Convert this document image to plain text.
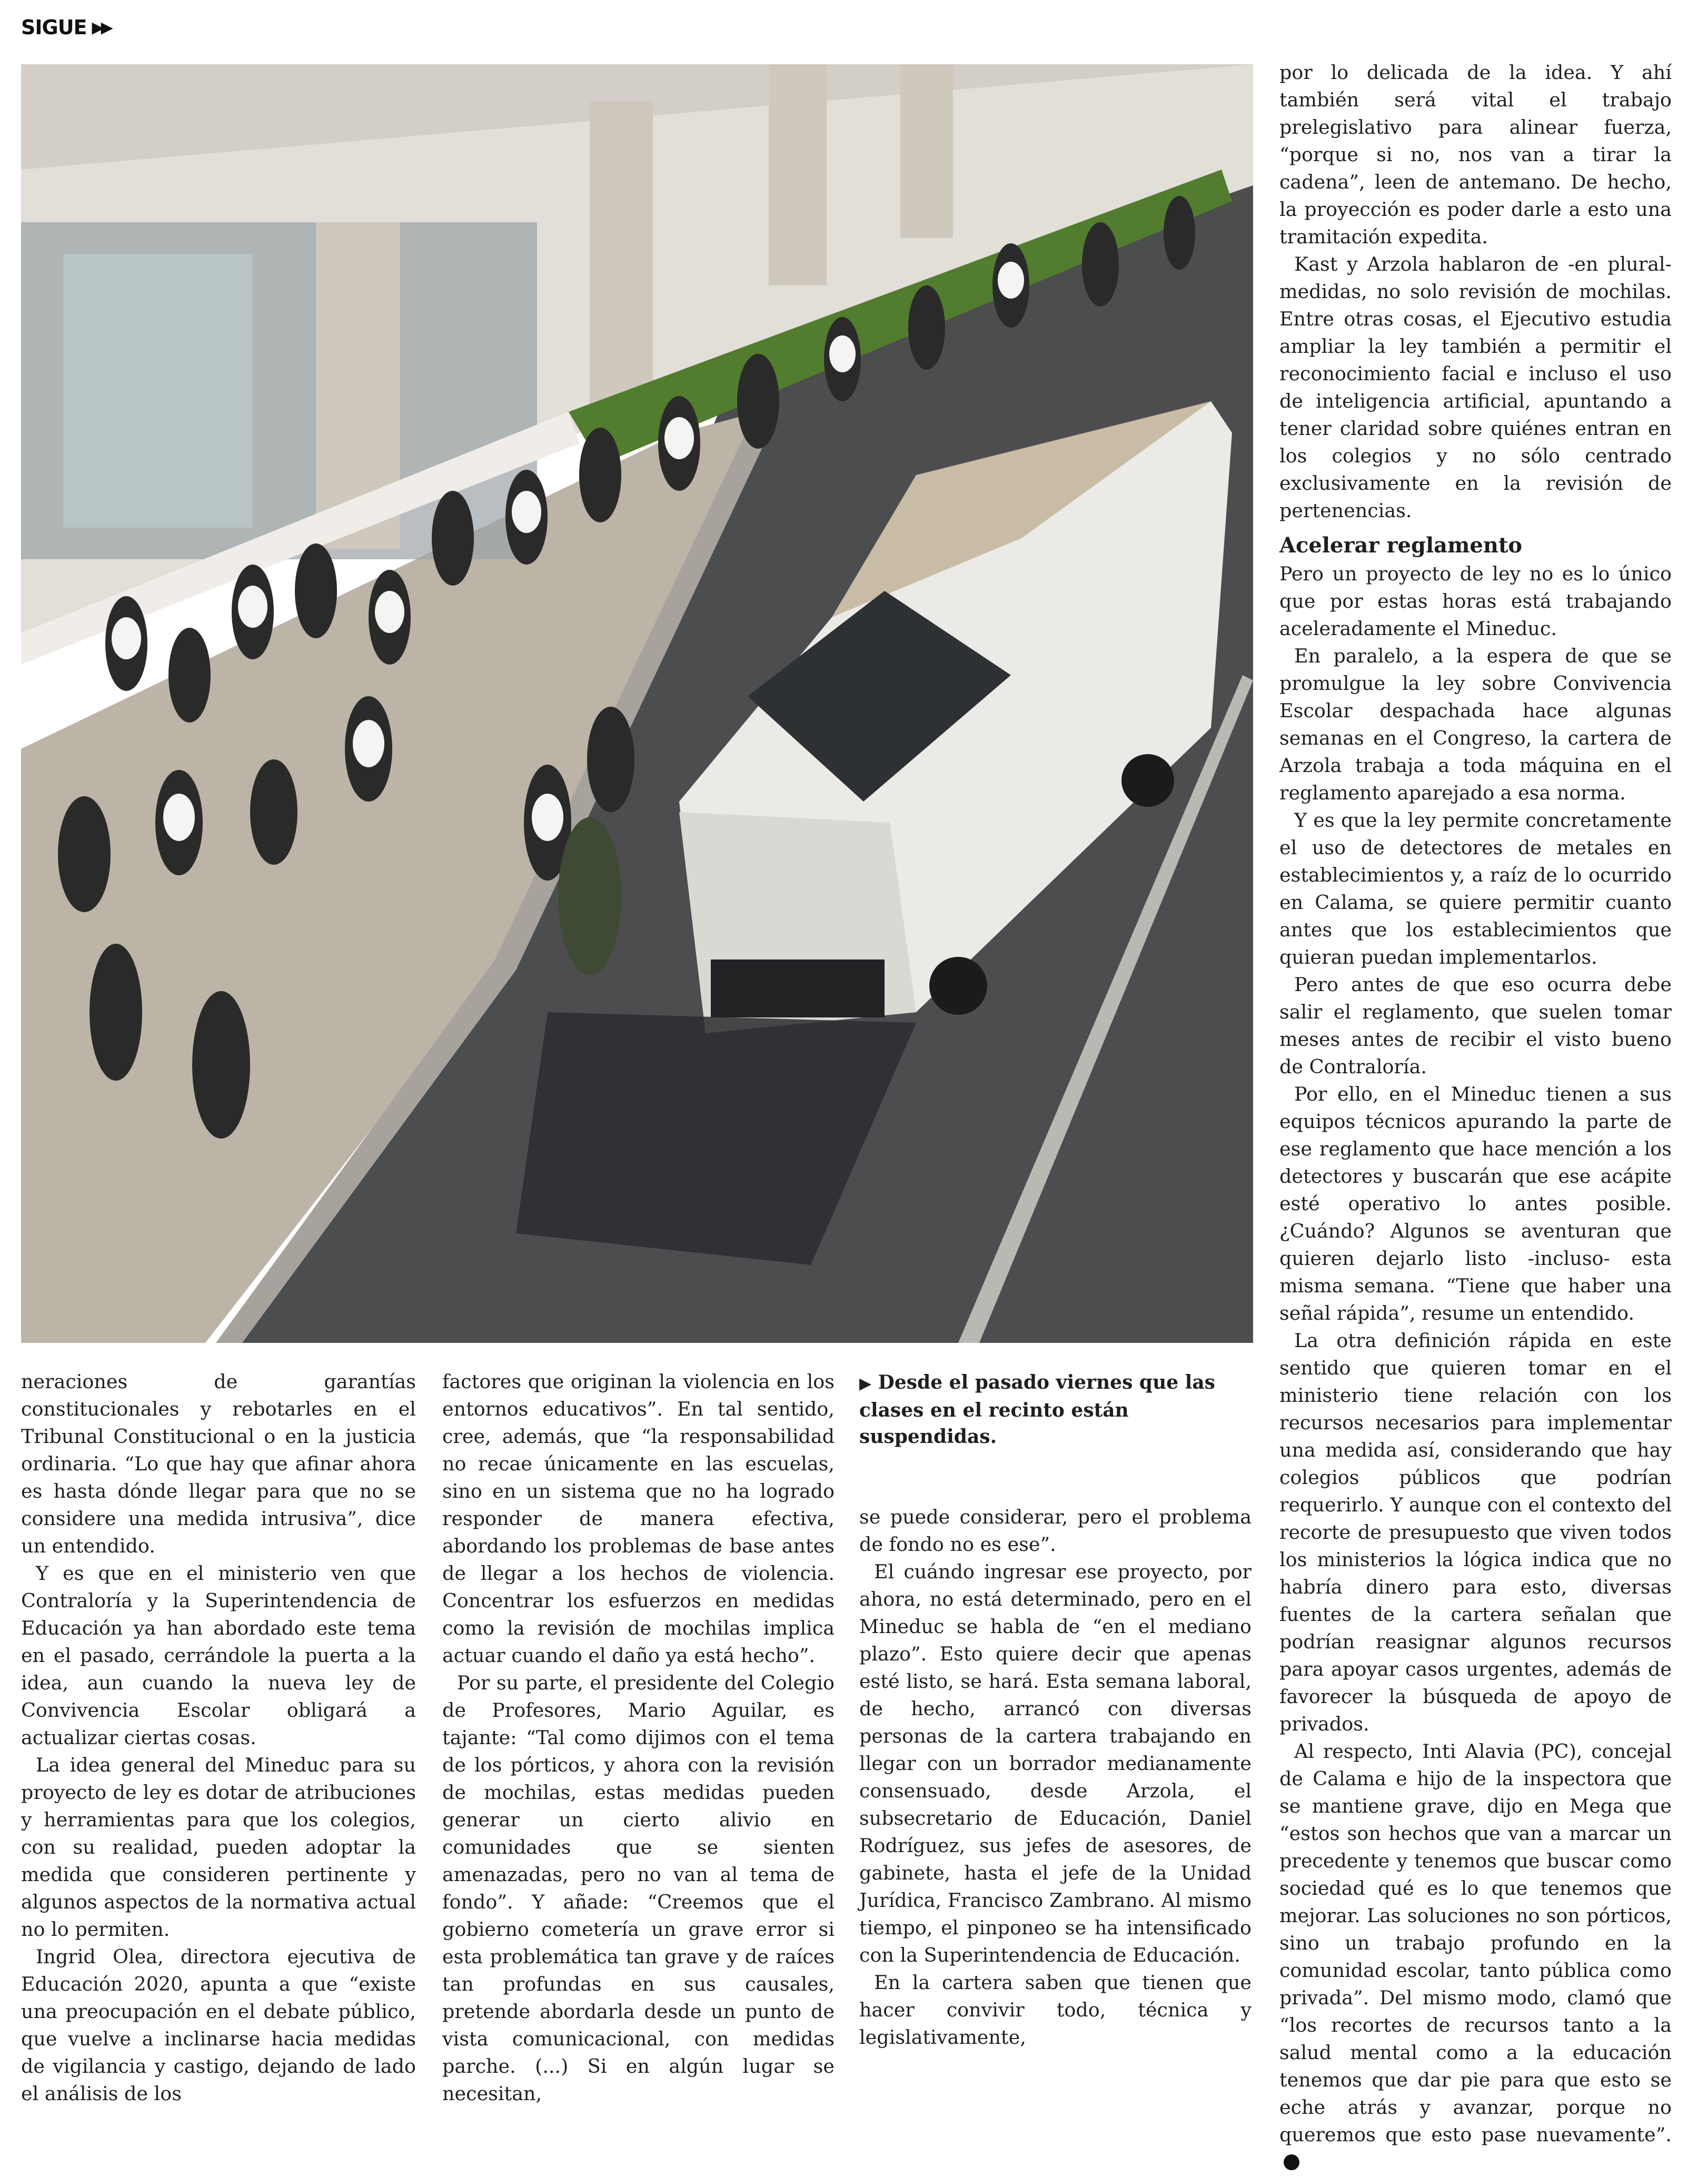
SIGUE ▶▶
▶ Desde el pasado viernes que las clases en el recinto están suspendidas.

neraciones de garantías constitucionales y rebotarles en el Tribunal Constitucional o en la justicia ordinaria. “Lo que hay que afinar ahora es hasta dónde llegar para que no se considere una medida intrusiva”, dice un entendido.

Y es que en el ministerio ven que Contraloría y la Superintendencia de Educación ya han abordado este tema en el pasado, cerrándole la puerta a la idea, aun cuando la nueva ley de Convivencia Escolar obligará a actualizar ciertas cosas.

La idea general del Mineduc para su proyecto de ley es dotar de atribuciones y herramientas para que los colegios, con su realidad, pueden adoptar la medida que consideren pertinente y algunos aspectos de la normativa actual no lo permiten.

Ingrid Olea, directora ejecutiva de Educación 2020, apunta a que “existe una preocupación en el debate público, que vuelve a inclinarse hacia medidas de vigilancia y castigo, dejando de lado el análisis de los

factores que originan la violencia en los entornos educativos”. En tal sentido, cree, además, que “la responsabilidad no recae únicamente en las escuelas, sino en un sistema que no ha logrado responder de manera efectiva, abordando los problemas de base antes de llegar a los hechos de violencia. Concentrar los esfuerzos en medidas como la revisión de mochilas implica actuar cuando el daño ya está hecho”.

Por su parte, el presidente del Colegio de Profesores, Mario Aguilar, es tajante: “Tal como dijimos con el tema de los pórticos, y ahora con la revisión de mochilas, estas medidas pueden generar un cierto alivio en comunidades que se sienten amenazadas, pero no van al tema de fondo”. Y añade: “Creemos que el gobierno cometería un grave error si esta problemática tan grave y de raíces tan profundas en sus causales, pretende abordarla desde un punto de vista comunicacional, con medidas parche. (...) Si en algún lugar se necesitan,

se puede considerar, pero el problema de fondo no es ese”.

El cuándo ingresar ese proyecto, por ahora, no está determinado, pero en el Mineduc se habla de “en el mediano plazo”. Esto quiere decir que apenas esté listo, se hará. Esta semana laboral, de hecho, arrancó con diversas personas de la cartera trabajando en llegar con un borrador medianamente consensuado, desde Arzola, el subsecretario de Educación, Daniel Rodríguez, sus jefes de asesores, de gabinete, hasta el jefe de la Unidad Jurídica, Francisco Zambrano. Al mismo tiempo, el pinponeo se ha intensificado con la Superintendencia de Educación.

En la cartera saben que tienen que hacer convivir todo, técnica y legislativamente,

por lo delicada de la idea. Y ahí también será vital el trabajo prelegislativo para alinear fuerza, “porque si no, nos van a tirar la cadena”, leen de antemano. De hecho, la proyección es poder darle a esto una tramitación expedita.

Kast y Arzola hablaron de -en plural- medidas, no solo revisión de mochilas. Entre otras cosas, el Ejecutivo estudia ampliar la ley también a permitir el reconocimiento facial e incluso el uso de inteligencia artificial, apuntando a tener claridad sobre quiénes entran en los colegios y no sólo centrado exclusivamente en la revisión de pertenencias.

Acelerar reglamento

Pero un proyecto de ley no es lo único que por estas horas está trabajando aceleradamente el Mineduc.

En paralelo, a la espera de que se promulgue la ley sobre Convivencia Escolar despachada hace algunas semanas en el Congreso, la cartera de Arzola trabaja a toda máquina en el reglamento aparejado a esa norma.

Y es que la ley permite concretamente el uso de detectores de metales en establecimientos y, a raíz de lo ocurrido en Calama, se quiere permitir cuanto antes que los establecimientos que quieran puedan implementarlos.

Pero antes de que eso ocurra debe salir el reglamento, que suelen tomar meses antes de recibir el visto bueno de Contraloría.

Por ello, en el Mineduc tienen a sus equipos técnicos apurando la parte de ese reglamento que hace mención a los detectores y buscarán que ese acápite esté operativo lo antes posible. ¿Cuándo? Algunos se aventuran que quieren dejarlo listo -incluso- esta misma semana. “Tiene que haber una señal rápida”, resume un entendido.

La otra definición rápida en este sentido que quieren tomar en el ministerio tiene relación con los recursos necesarios para implementar una medida así, considerando que hay colegios públicos que podrían requerirlo. Y aunque con el contexto del recorte de presupuesto que viven todos los ministerios la lógica indica que no habría dinero para esto, diversas fuentes de la cartera señalan que podrían reasignar algunos recursos para apoyar casos urgentes, además de favorecer la búsqueda de apoyo de privados.

Al respecto, Inti Alavia (PC), concejal de Calama e hijo de la inspectora que se mantiene grave, dijo en Mega que “estos son hechos que van a marcar un precedente y tenemos que buscar como sociedad qué es lo que tenemos que mejorar. Las soluciones no son pórticos, sino un trabajo profundo en la comunidad escolar, tanto pública como privada”. Del mismo modo, clamó que “los recortes de recursos tanto a la salud mental como a la educación tenemos que dar pie para que esto se eche atrás y avanzar, porque no queremos que esto pase nuevamente”.
